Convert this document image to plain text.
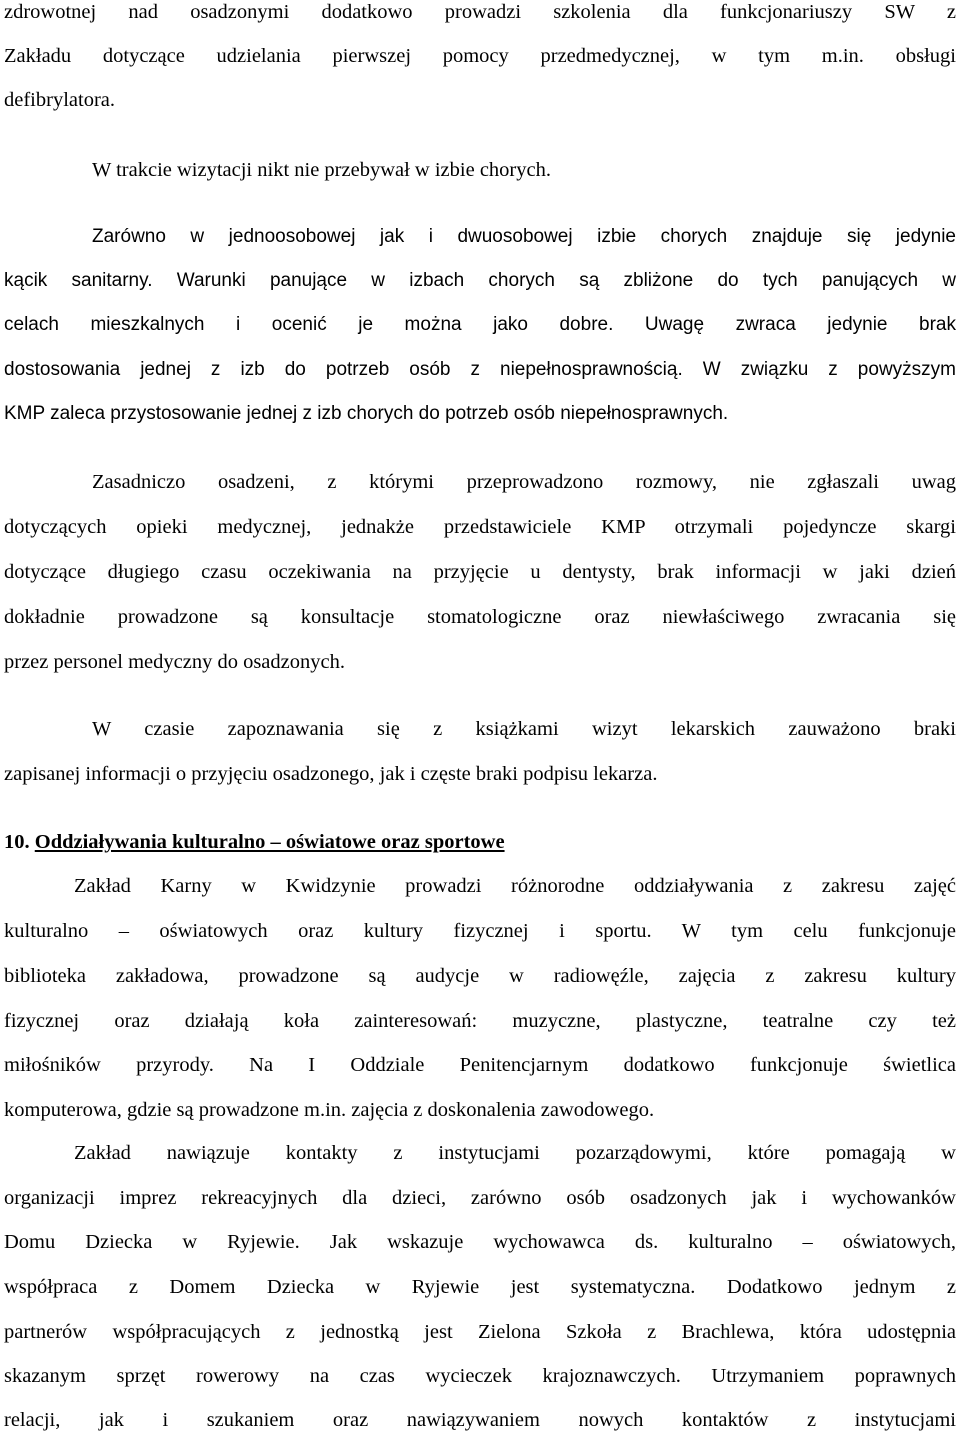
zdrowotnej nad osadzonymi dodatkowo prowadzi szkolenia dla funkcjonariuszy SW z
Zakładu dotyczące udzielania pierwszej pomocy przedmedycznej, w tym m.in. obsługi
defibrylatora.
W trakcie wizytacji nikt nie przebywał w izbie chorych.
Zarówno w jednoosobowej jak i dwuosobowej izbie chorych znajduje się jedynie
kącik sanitarny. Warunki panujące w izbach chorych są zbliżone do tych panujących w
celach mieszkalnych i ocenić je można jako dobre. Uwagę zwraca jedynie brak
dostosowania jednej z izb do potrzeb osób z niepełnosprawnością. W związku z powyższym
KMP zaleca przystosowanie jednej z izb chorych do potrzeb osób niepełnosprawnych.
Zasadniczo osadzeni, z którymi przeprowadzono rozmowy, nie zgłaszali uwag
dotyczących opieki medycznej, jednakże przedstawiciele KMP otrzymali pojedyncze skargi
dotyczące długiego czasu oczekiwania na przyjęcie u dentysty, brak informacji w jaki dzień
dokładnie prowadzone są konsultacje stomatologiczne oraz niewłaściwego zwracania się
przez personel medyczny do osadzonych.
W czasie zapoznawania się z książkami wizyt lekarskich zauważono braki
zapisanej informacji o przyjęciu osadzonego, jak i częste braki podpisu lekarza.
10. Oddziaływania kulturalno – oświatowe oraz sportowe
Zakład Karny w Kwidzynie prowadzi różnorodne oddziaływania z zakresu zajęć
kulturalno – oświatowych oraz kultury fizycznej i sportu. W tym celu funkcjonuje
biblioteka zakładowa, prowadzone są audycje w radiowęźle, zajęcia z zakresu kultury
fizycznej oraz działają koła zainteresowań: muzyczne, plastyczne, teatralne czy też
miłośników przyrody. Na I Oddziale Penitencjarnym dodatkowo funkcjonuje świetlica
komputerowa, gdzie są prowadzone m.in. zajęcia z doskonalenia zawodowego.
Zakład nawiązuje kontakty z instytucjami pozarządowymi, które pomagają w
organizacji imprez rekreacyjnych dla dzieci, zarówno osób osadzonych jak i wychowanków
Domu Dziecka w Ryjewie. Jak wskazuje wychowawca ds. kulturalno – oświatowych,
współpraca z Domem Dziecka w Ryjewie jest systematyczna. Dodatkowo jednym z
partnerów współpracujących z jednostką jest Zielona Szkoła z Brachlewa, która udostępnia
skazanym sprzęt rowerowy na czas wycieczek krajoznawczych. Utrzymaniem poprawnych
relacji, jak i szukaniem oraz nawiązywaniem nowych kontaktów z instytucjami
